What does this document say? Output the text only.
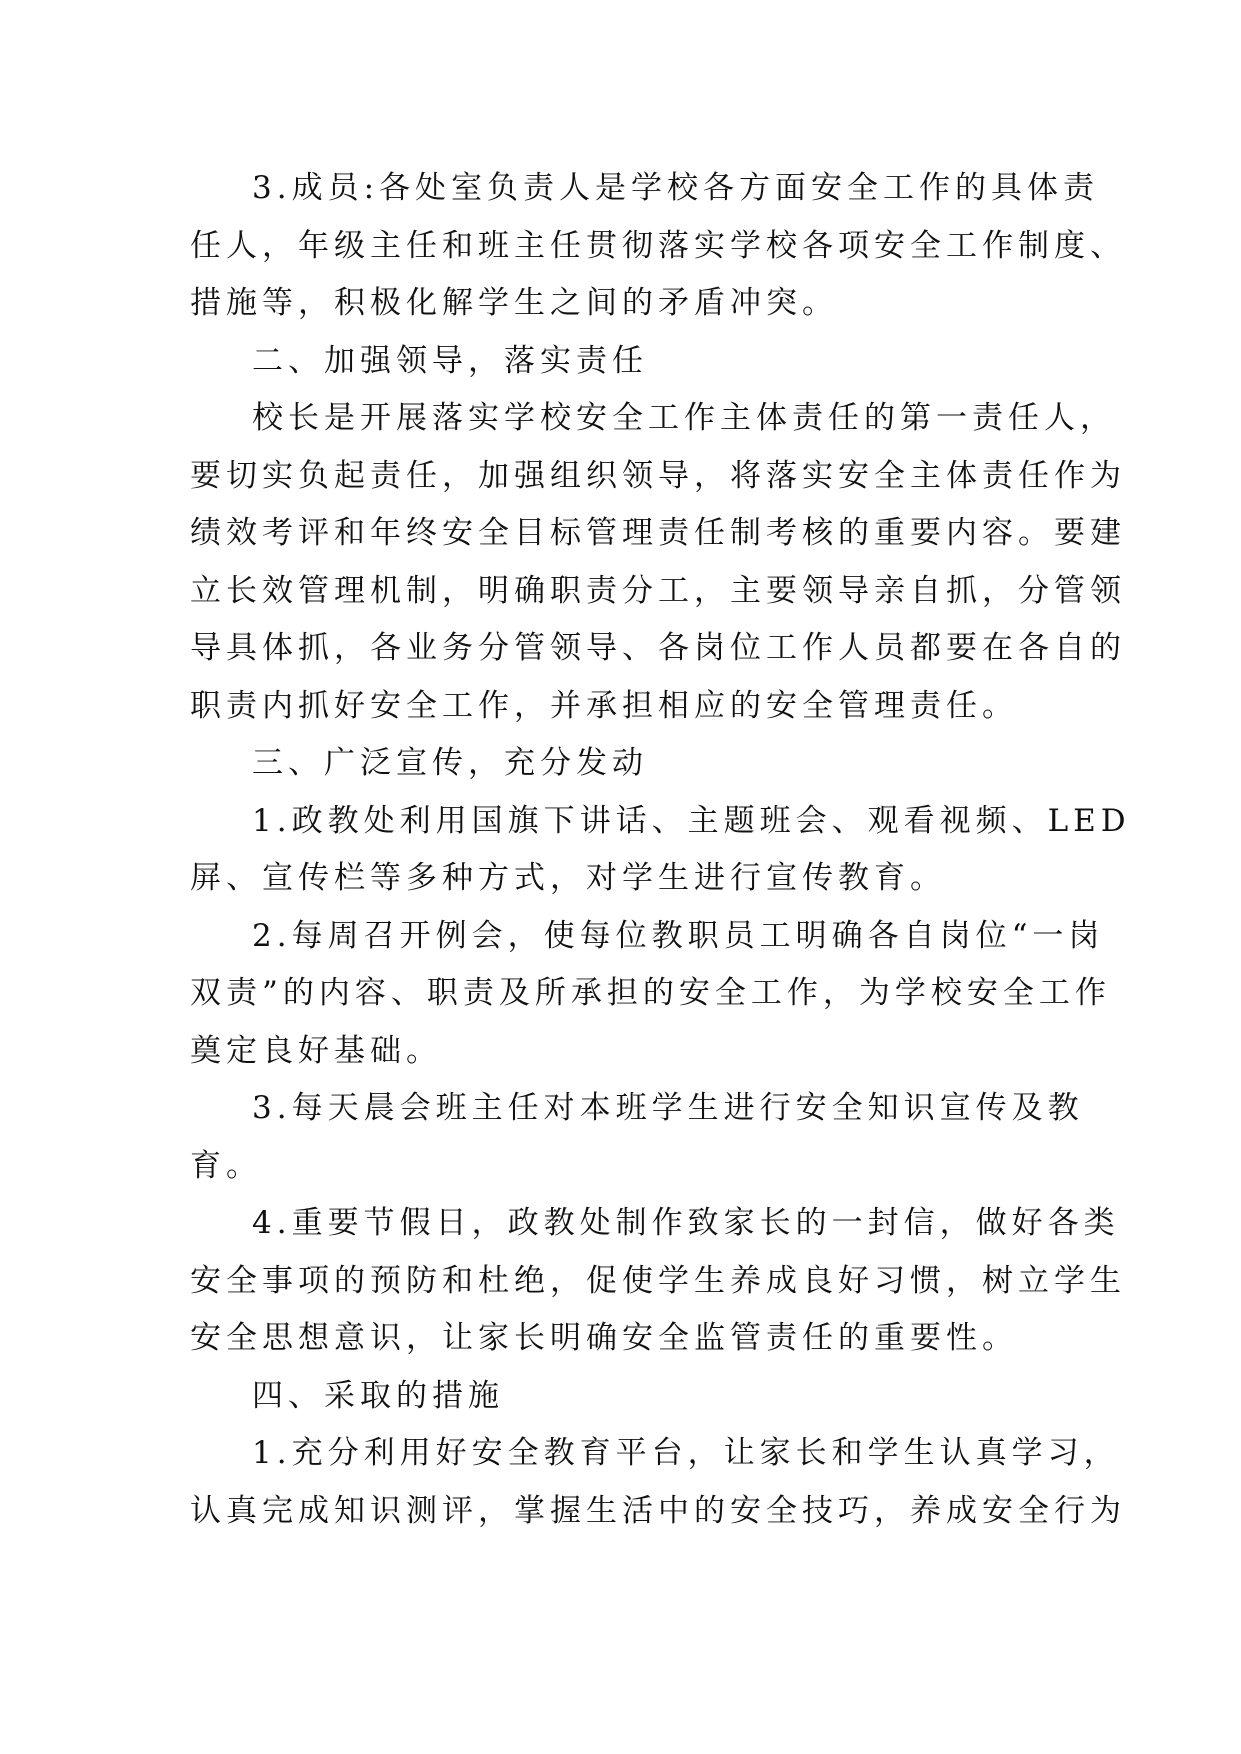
3.成员:各处室负责人是学校各方面安全工作的具体责
任人，年级主任和班主任贯彻落实学校各项安全工作制度、
措施等，积极化解学生之间的矛盾冲突。
二、加强领导，落实责任
校长是开展落实学校安全工作主体责任的第一责任人，
要切实负起责任，加强组织领导，将落实安全主体责任作为
绩效考评和年终安全目标管理责任制考核的重要内容。要建
立长效管理机制，明确职责分工，主要领导亲自抓，分管领
导具体抓，各业务分管领导、各岗位工作人员都要在各自的
职责内抓好安全工作，并承担相应的安全管理责任。
三、广泛宣传，充分发动
1.政教处利用国旗下讲话、主题班会、观看视频、LED
屏、宣传栏等多种方式，对学生进行宣传教育。
2.每周召开例会，使每位教职员工明确各自岗位“一岗
双责”的内容、职责及所承担的安全工作，为学校安全工作
奠定良好基础。
3.每天晨会班主任对本班学生进行安全知识宣传及教
育。
4.重要节假日，政教处制作致家长的一封信，做好各类
安全事项的预防和杜绝，促使学生养成良好习惯，树立学生
安全思想意识，让家长明确安全监管责任的重要性。
四、采取的措施
1.充分利用好安全教育平台，让家长和学生认真学习，
认真完成知识测评，掌握生活中的安全技巧，养成安全行为
